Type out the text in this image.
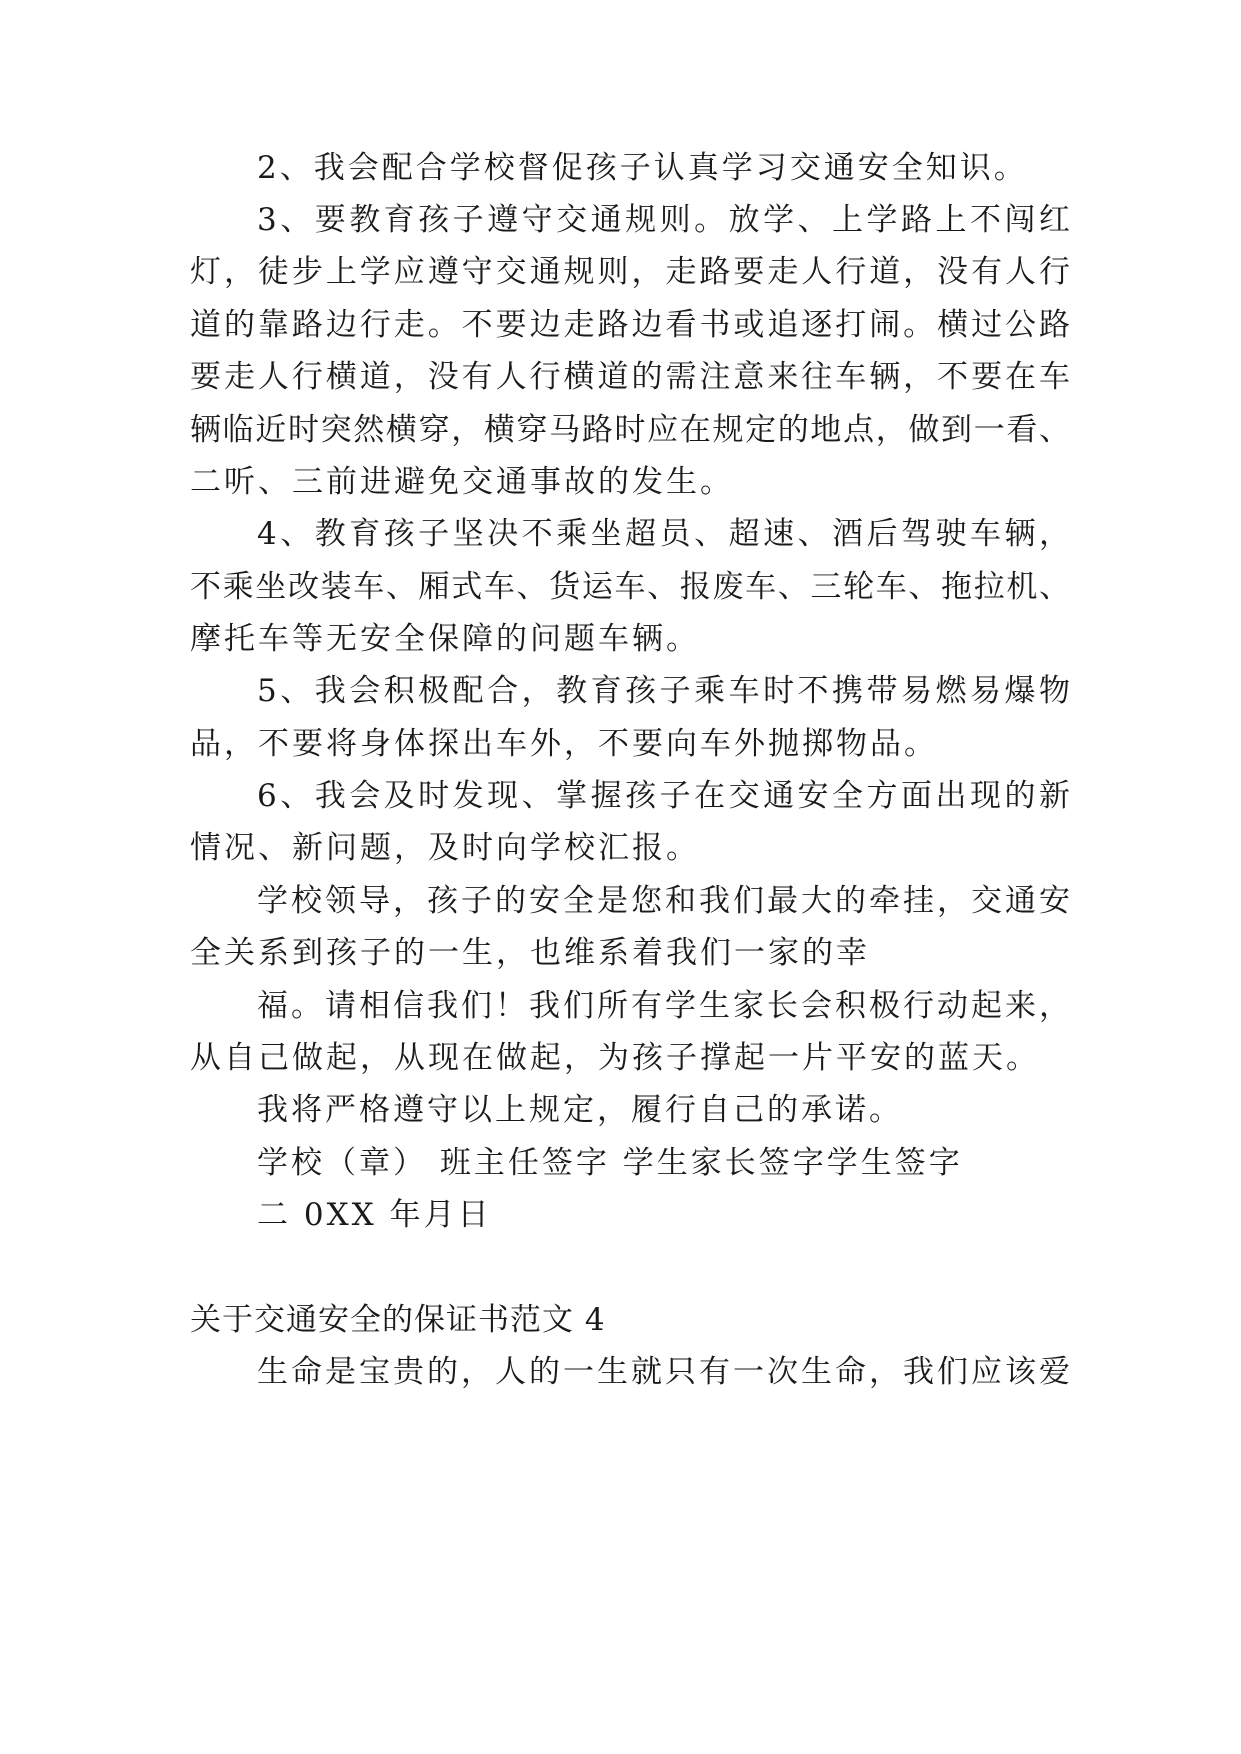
2、我会配合学校督促孩子认真学习交通安全知识。
3、要教育孩子遵守交通规则。放学、上学路上不闯红
灯，徒步上学应遵守交通规则，走路要走人行道，没有人行
道的靠路边行走。不要边走路边看书或追逐打闹。横过公路
要走人行横道，没有人行横道的需注意来往车辆，不要在车
辆临近时突然横穿，横穿马路时应在规定的地点，做到一看、
二听、三前进避免交通事故的发生。
4、教育孩子坚决不乘坐超员、超速、酒后驾驶车辆，
不乘坐改装车、厢式车、货运车、报废车、三轮车、拖拉机、
摩托车等无安全保障的问题车辆。
5、我会积极配合，教育孩子乘车时不携带易燃易爆物
品，不要将身体探出车外，不要向车外抛掷物品。
6、我会及时发现、掌握孩子在交通安全方面出现的新
情况、新问题，及时向学校汇报。
学校领导，孩子的安全是您和我们最大的牵挂，交通安
全关系到孩子的一生，也维系着我们一家的幸
福。请相信我们！我们所有学生家长会积极行动起来，
从自己做起，从现在做起，为孩子撑起一片平安的蓝天。
我将严格遵守以上规定，履行自己的承诺。
学校（章） 班主任签字 学生家长签字学生签字
二 0XX 年月日
关于交通安全的保证书范文 4
生命是宝贵的，人的一生就只有一次生命，我们应该爱
